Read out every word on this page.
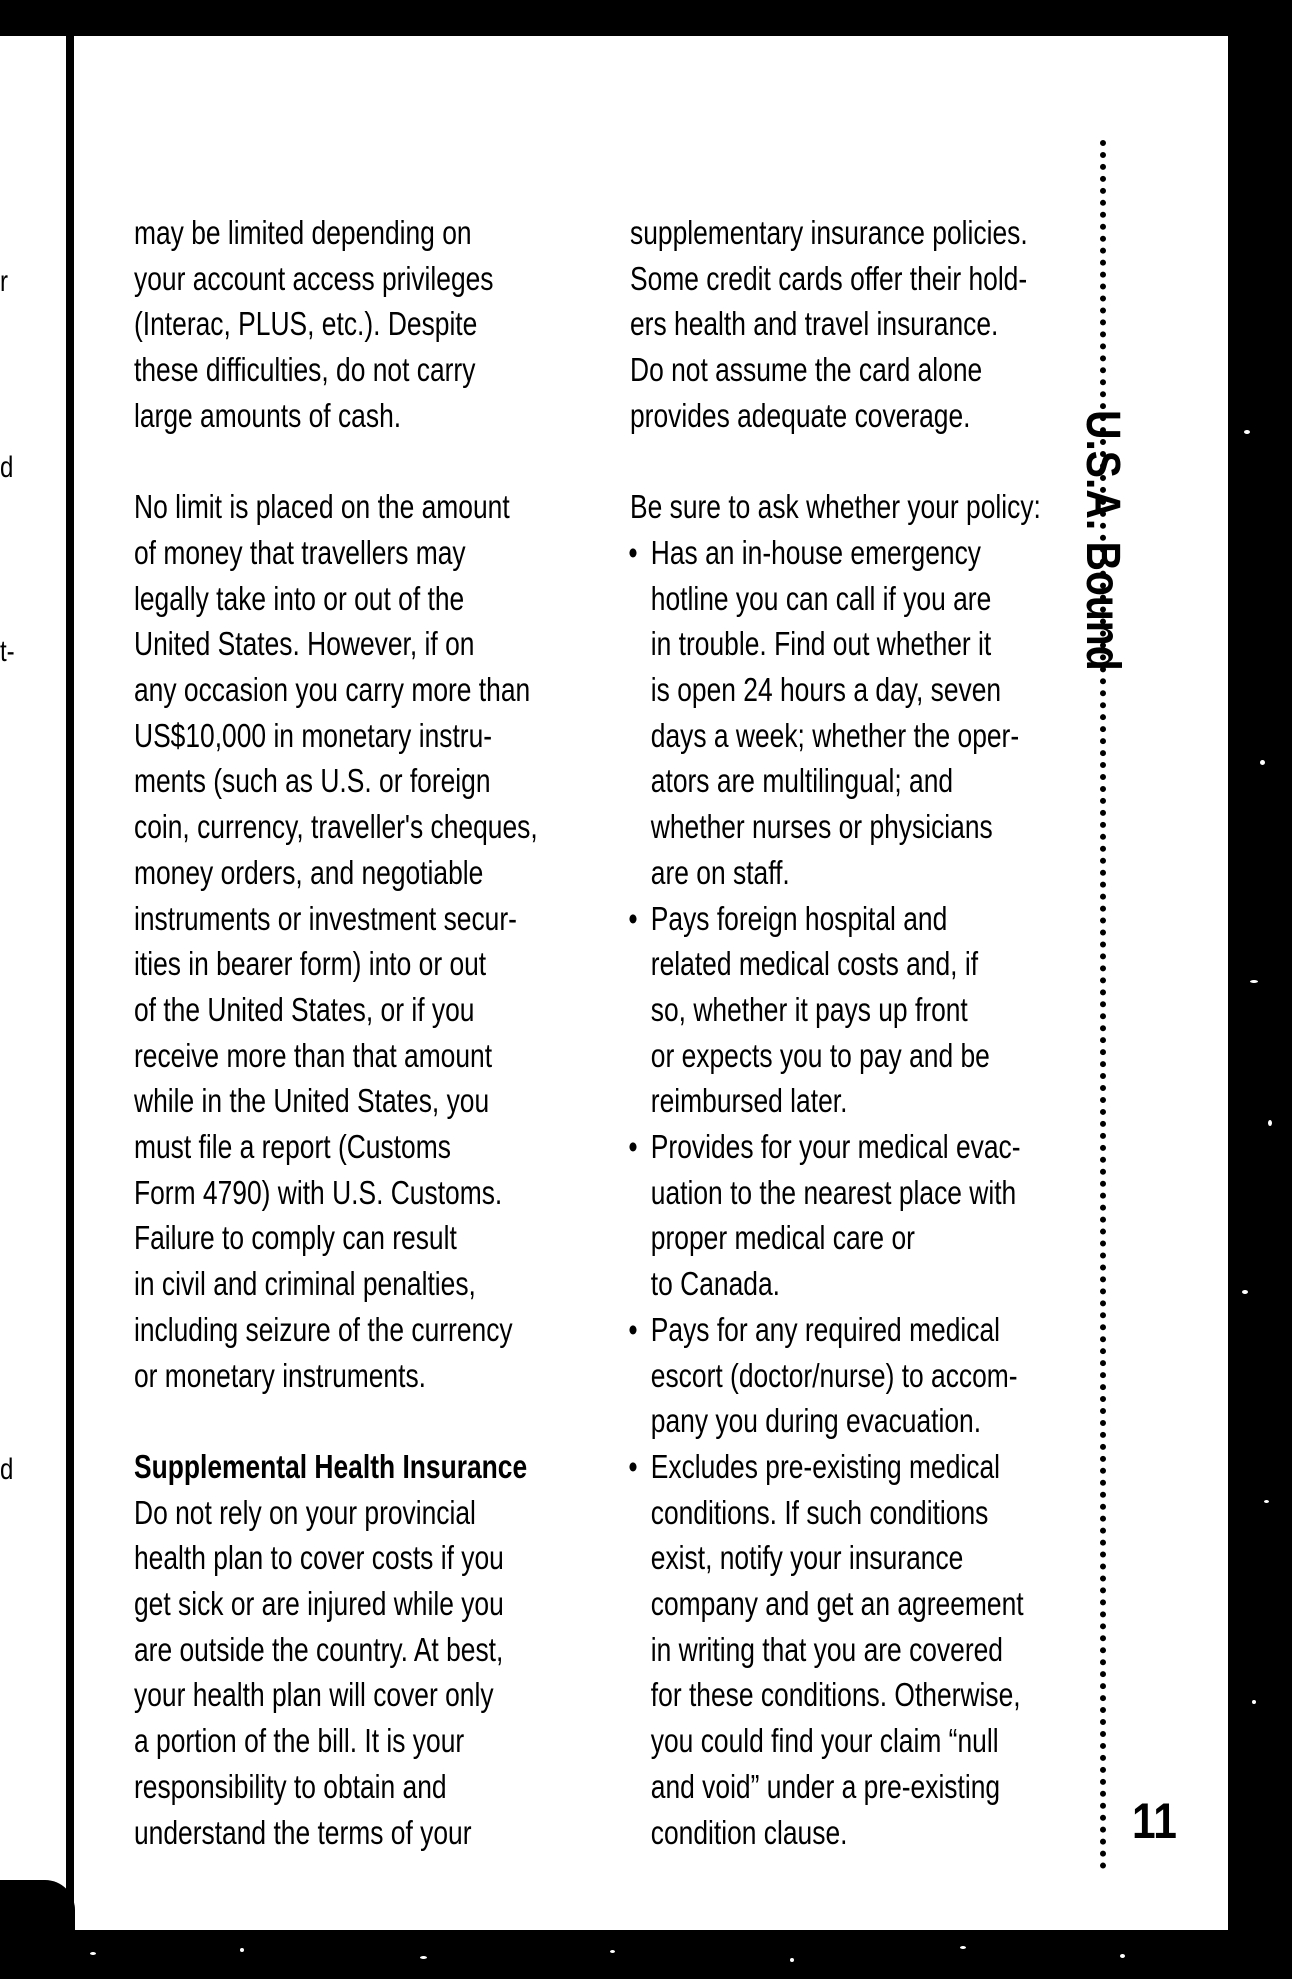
r
d
t-
d

may be limited depending on

your account access privileges

(Interac, PLUS, etc.). Despite

these difficulties, do not carry

large amounts of cash.

No limit is placed on the amount

of money that travellers may

legally take into or out of the

United States. However, if on

any occasion you carry more than

US$10,000 in monetary instru-

ments (such as U.S. or foreign

coin, currency, traveller's cheques,

money orders, and negotiable

instruments or investment secur-

ities in bearer form) into or out

of the United States, or if you

receive more than that amount

while in the United States, you

must file a report (Customs

Form 4790) with U.S. Customs.

Failure to comply can result

in civil and criminal penalties,

including seizure of the currency

or monetary instruments.

Supplemental Health Insurance

Do not rely on your provincial

health plan to cover costs if you

get sick or are injured while you

are outside the country. At best,

your health plan will cover only

a portion of the bill. It is your

responsibility to obtain and

understand the terms of your

supplementary insurance policies.

Some credit cards offer their hold-

ers health and travel insurance.

Do not assume the card alone

provides adequate coverage.

Be sure to ask whether your policy:

• Has an in-house emergency
hotline you can call if you are
in trouble. Find out whether it
is open 24 hours a day, seven
days a week; whether the oper-
ators are multilingual; and
whether nurses or physicians
are on staff.
• Pays foreign hospital and
related medical costs and, if
so, whether it pays up front
or expects you to pay and be
reimbursed later.
• Provides for your medical evac-
uation to the nearest place with
proper medical care or
to Canada.
• Pays for any required medical
escort (doctor/nurse) to accom-
pany you during evacuation.
• Excludes pre-existing medical
conditions. If such conditions
exist, notify your insurance
company and get an agreement
in writing that you are covered
for these conditions. Otherwise,
you could find your claim “null
and void” under a pre-existing
condition clause.
U.S.A. Bound
11
